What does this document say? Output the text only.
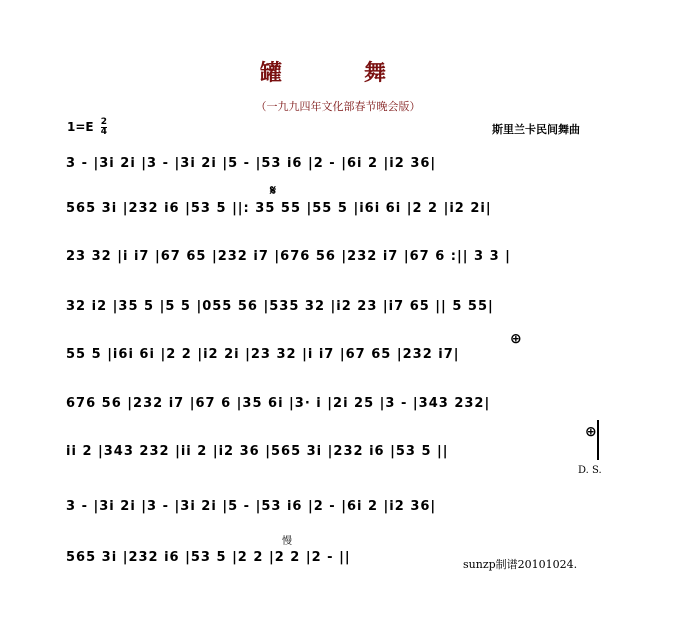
罐　舞
（一九九四年文化部春节晚会版）
$1=E \frac{2}{4}$	斯里兰卡民间舞曲
3 - |3i 2i |3 - |3i 2i |5 - |53 i6 |2 - |6i 2 |i2 36|
565 3i |232 i6 |53 5 ||: 35 55 |55 5 |i6i 6i |2 2 |i2 2i|
23 32 |i i7 |67 65 |232 i7 |676 56 |232 i7 |67 6 :|| 3 3 |
32 i2 |35 5 |5 5 |055 56 |535 32 |i2 23 |i7 65 || 5 55|
55 5 |i6i 6i |2 2 |i2 2i |23 32 |i i7 |67 65 |232 i7|
676 56 |232 i7 |67 6 |35 6i |3· i |2i 25 |3 - |343 232|
ii 2 |343 232 |ii 2 |i2 36 |565 3i |232 i6 |53 5 ||
3 - |3i 2i |3 - |3i 2i |5 - |53 i6 |2 - |6i 2 |i2 36|
565 3i |232 i6 |53 5 |2 2 |2 2 |2 - ||
𝄋
⊕
⊕
D. S.
慢
sunzp制谱20101024.
